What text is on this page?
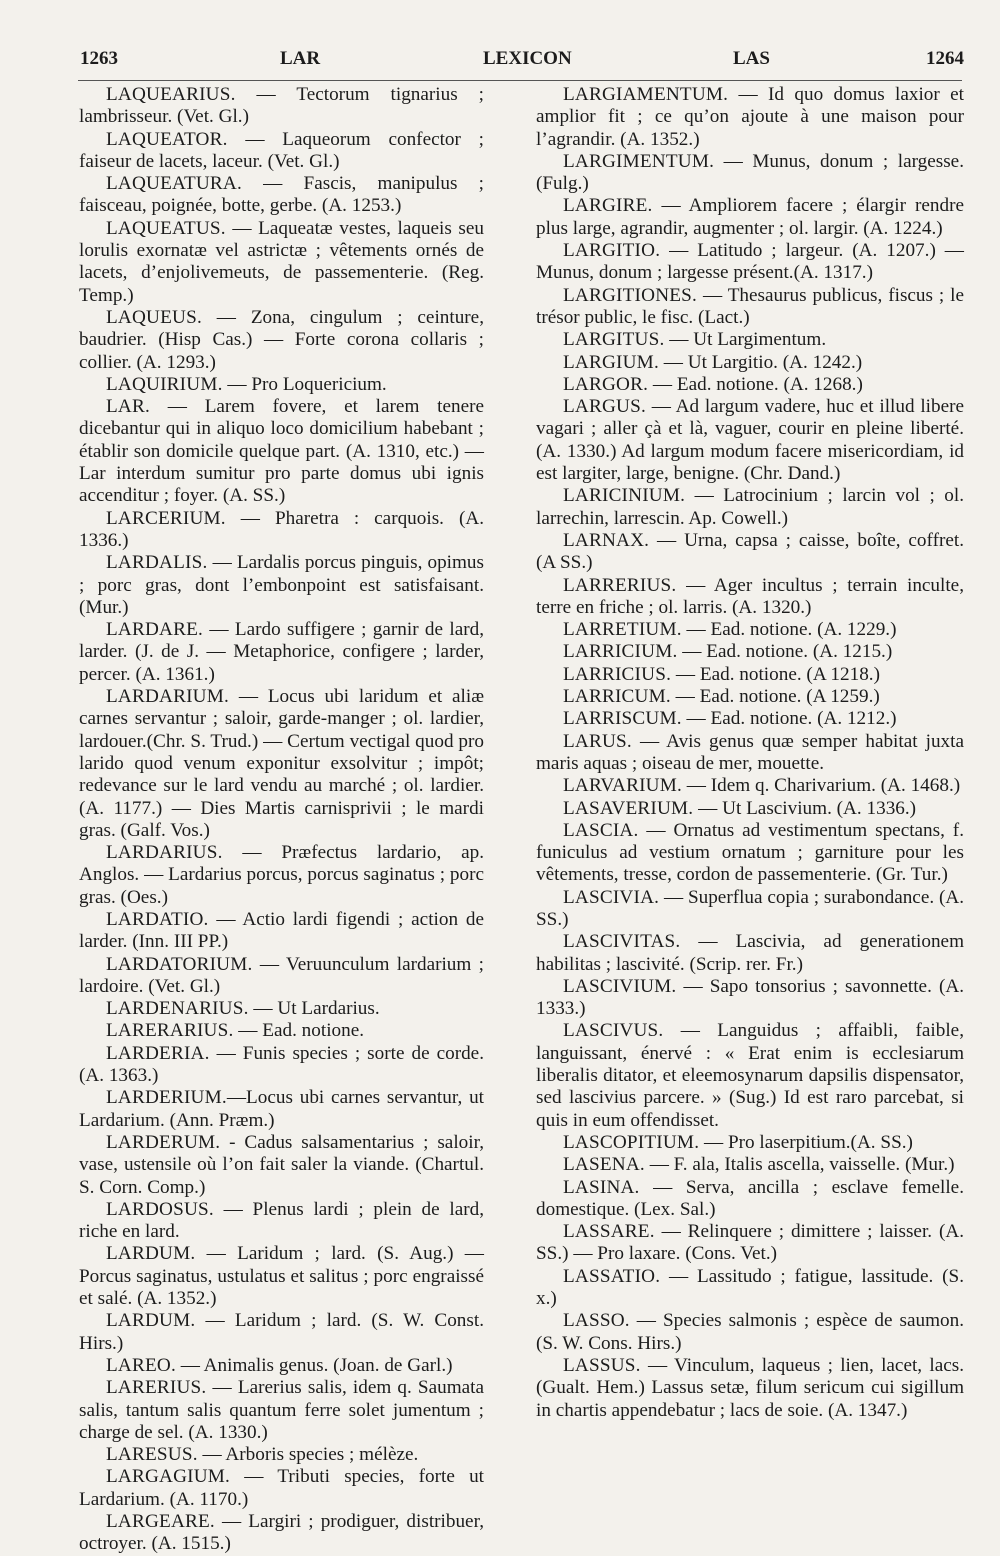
1263	LAR	LEXICON	LAS	1264

LAQUEARIUS. — Tectorum tignarius ; lambrisseur. (Vet. Gl.)

LAQUEATOR. — Laqueorum confector ; faiseur de lacets, laceur. (Vet. Gl.)

LAQUEATURA. — Fascis, manipulus ; faisceau, poignée, botte, gerbe. (A. 1253.)

LAQUEATUS. — Laqueatæ vestes, laqueis seu lorulis exornatæ vel astrictæ ; vêtements ornés de lacets, d’enjolivemeuts, de passementerie. (Reg. Temp.)

LAQUEUS. — Zona, cingulum ; ceinture, baudrier. (Hisp Cas.) — Forte corona collaris ; collier. (A. 1293.)

LAQUIRIUM. — Pro Loquericium.

LAR. — Larem fovere, et larem tenere dicebantur qui in aliquo loco domicilium habebant ; établir son domicile quelque part. (A. 1310, etc.) — Lar interdum sumitur pro parte domus ubi ignis accenditur ; foyer. (A. SS.)

LARCERIUM. — Pharetra : carquois. (A. 1336.)

LARDALIS. — Lardalis porcus pinguis, opimus ; porc gras, dont l’embonpoint est satisfaisant. (Mur.)

LARDARE. — Lardo suffigere ; garnir de lard, larder. (J. de J. — Metaphorice, configere ; larder, percer. (A. 1361.)

LARDARIUM. — Locus ubi laridum et aliæ carnes servantur ; saloir, garde-manger ; ol. lardier, lardouer.(Chr. S. Trud.) — Certum vectigal quod pro larido quod venum exponitur exsolvitur ; impôt; redevance sur le lard vendu au marché ; ol. lardier. (A. 1177.) — Dies Martis carnisprivii ; le mardi gras. (Galf. Vos.)

LARDARIUS. — Præfectus lardario, ap. Anglos. — Lardarius porcus, porcus saginatus ; porc gras. (Oes.)

LARDATIO. — Actio lardi figendi ; action de larder. (Inn. III PP.)

LARDATORIUM. — Veruunculum lardarium ; lardoire. (Vet. Gl.)

LARDENARIUS. — Ut Lardarius.

LARERARIUS. — Ead. notione.

LARDERIA. — Funis species ; sorte de corde. (A. 1363.)

LARDERIUM.—Locus ubi carnes servantur, ut Lardarium. (Ann. Præm.)

LARDERUM. - Cadus salsamentarius ; saloir, vase, ustensile où l’on fait saler la viande. (Chartul. S. Corn. Comp.)

LARDOSUS. — Plenus lardi ; plein de lard, riche en lard.

LARDUM. — Laridum ; lard. (S. Aug.) — Porcus saginatus, ustulatus et salitus ; porc engraissé et salé. (A. 1352.)

LARDUM. — Laridum ; lard. (S. W. Const. Hirs.)

LAREO. — Animalis genus. (Joan. de Garl.)

LARERIUS. — Larerius salis, idem q. Saumata salis, tantum salis quantum ferre solet jumentum ; charge de sel. (A. 1330.)

LARESUS. — Arboris species ; mélèze.

LARGAGIUM. — Tributi species, forte ut Lardarium. (A. 1170.)

LARGEARE. — Largiri ; prodiguer, distribuer, octroyer. (A. 1515.)

LARGIAMENTUM. — Id quo domus laxior et amplior fit ; ce qu’on ajoute à une maison pour l’agrandir. (A. 1352.)

LARGIMENTUM. — Munus, donum ; largesse. (Fulg.)

LARGIRE. — Ampliorem facere ; élargir rendre plus large, agrandir, augmenter ; ol. largir. (A. 1224.)

LARGITIO. — Latitudo ; largeur. (A. 1207.) — Munus, donum ; largesse présent.(A. 1317.)

LARGITIONES. — Thesaurus publicus, fiscus ; le trésor public, le fisc. (Lact.)

LARGITUS. — Ut Largimentum.

LARGIUM. — Ut Largitio. (A. 1242.)

LARGOR. — Ead. notione. (A. 1268.)

LARGUS. — Ad largum vadere, huc et illud libere vagari ; aller çà et là, vaguer, courir en pleine liberté. (A. 1330.) Ad largum modum facere misericordiam, id est largiter, large, benigne. (Chr. Dand.)

LARICINIUM. — Latrocinium ; larcin vol ; ol. larrechin, larrescin. Ap. Cowell.)

LARNAX. — Urna, capsa ; caisse, boîte, coffret. (A SS.)

LARRERIUS. — Ager incultus ; terrain inculte, terre en friche ; ol. larris. (A. 1320.)

LARRETIUM. — Ead. notione. (A. 1229.)

LARRICIUM. — Ead. notione. (A. 1215.)

LARRICIUS. — Ead. notione. (A 1218.)

LARRICUM. — Ead. notione. (A 1259.)

LARRISCUM. — Ead. notione. (A. 1212.)

LARUS. — Avis genus quæ semper habitat juxta maris aquas ; oiseau de mer, mouette.

LARVARIUM. — Idem q. Charivarium. (A. 1468.)

LASAVERIUM. — Ut Lascivium. (A. 1336.)

LASCIA. — Ornatus ad vestimentum spectans, f. funiculus ad vestium ornatum ; garniture pour les vêtements, tresse, cordon de passementerie. (Gr. Tur.)

LASCIVIA. — Superflua copia ; surabondance. (A. SS.)

LASCIVITAS. — Lascivia, ad generationem habilitas ; lascivité. (Scrip. rer. Fr.)

LASCIVIUM. — Sapo tonsorius ; savonnette. (A. 1333.)

LASCIVUS. — Languidus ; affaibli, faible, languissant, énervé : « Erat enim is ecclesiarum liberalis ditator, et eleemosynarum dapsilis dispensator, sed lascivius parcere. » (Sug.) Id est raro parcebat, si quis in eum offendisset.

LASCOPITIUM. — Pro laserpitium.(A. SS.)

LASENA. — F. ala, Italis ascella, vaisselle. (Mur.)

LASINA. — Serva, ancilla ; esclave femelle. domestique. (Lex. Sal.)

LASSARE. — Relinquere ; dimittere ; laisser. (A. SS.) — Pro laxare. (Cons. Vet.)

LASSATIO. — Lassitudo ; fatigue, lassitude. (S. x.)

LASSO. — Species salmonis ; espèce de saumon. (S. W. Cons. Hirs.)

LASSUS. — Vinculum, laqueus ; lien, lacet, lacs. (Gualt. Hem.) Lassus setæ, filum sericum cui sigillum in chartis appendebatur ; lacs de soie. (A. 1347.)
